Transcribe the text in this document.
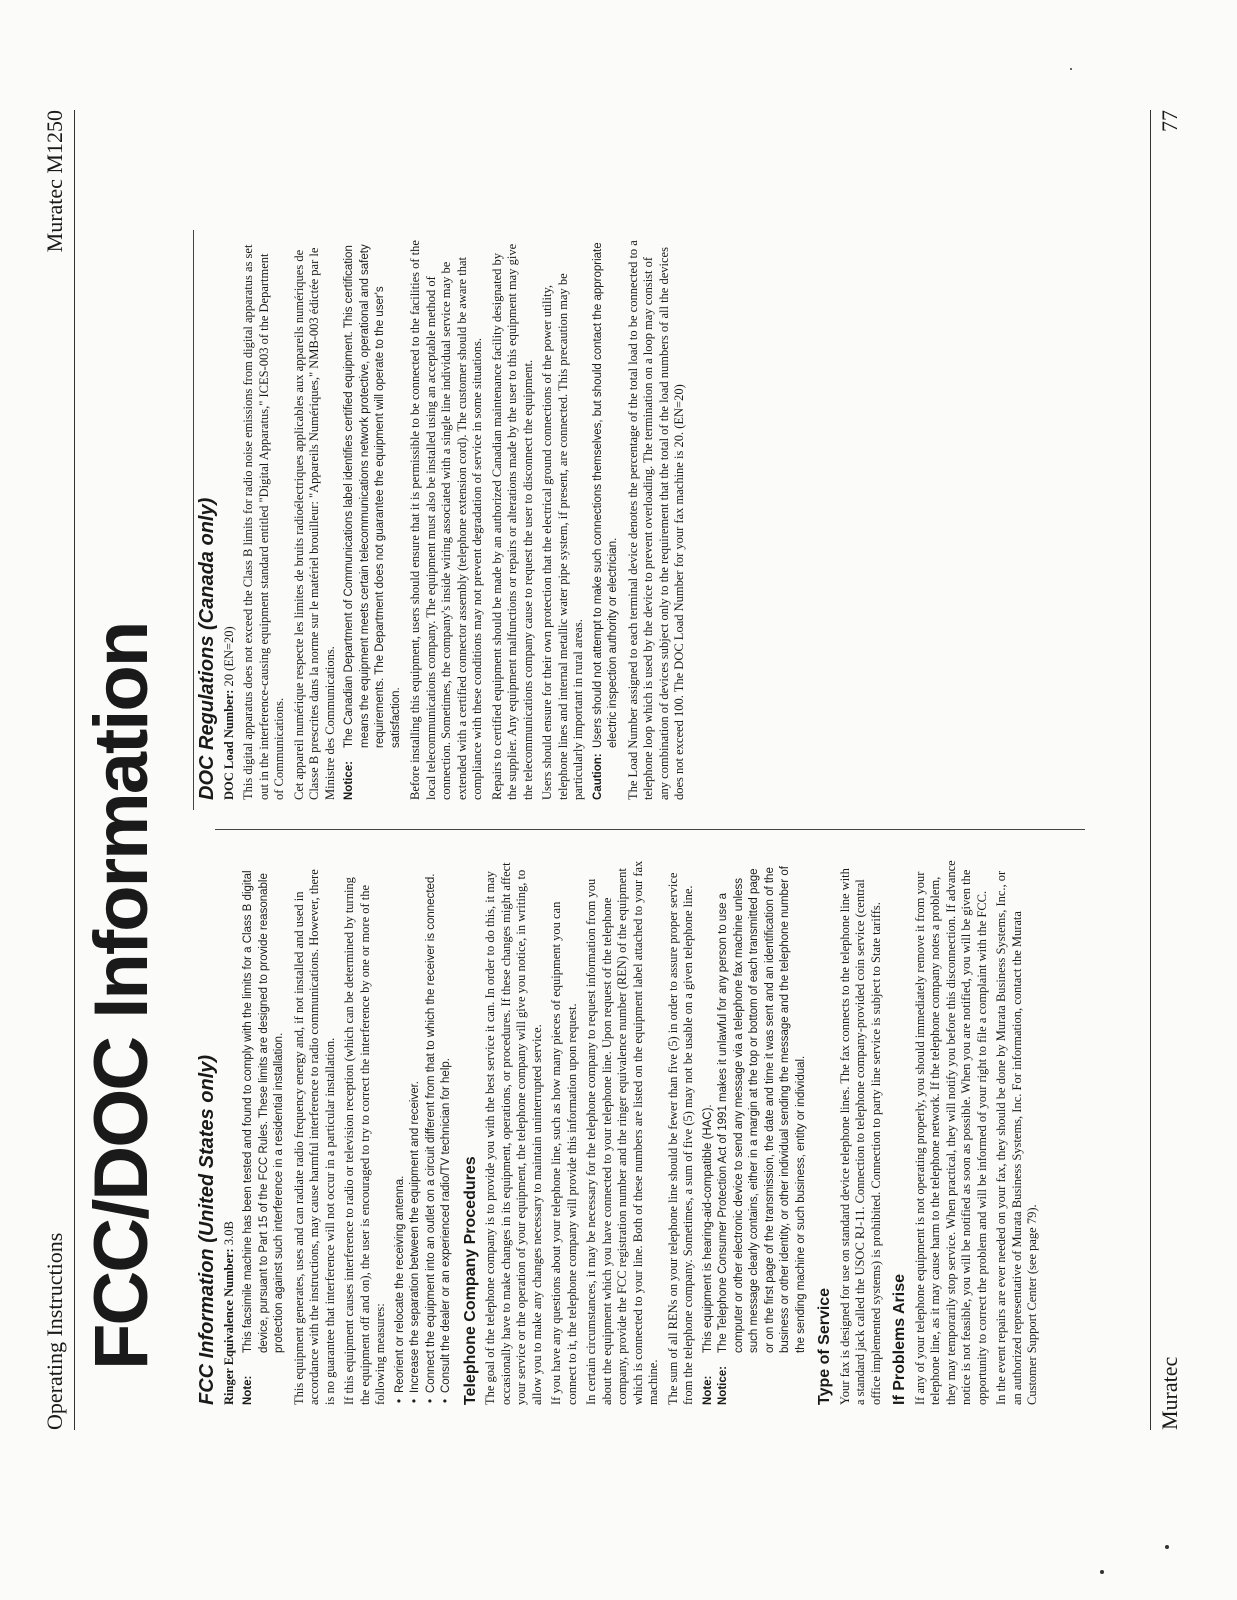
Operating Instructions
Muratec M1250
FCC/DOC Information FCC Information (United States only) Ringer Equivalence Number: 3.0B

Note:
This facsimile machine has been tested and found to comply with the limits for a Class B digital device, pursuant to Part 15 of the FCC Rules. These limits are designed to provide reasonable protection against such interference in a residential installation. This equipment generates, uses and can radiate radio frequency energy and, if not installed and used in accordance with the instructions, may cause harmful interference to radio communications. However, there is no guarantee that interference will not occur in a particular installation. If this equipment causes interference to radio or television reception (which can be determined by turning the equipment off and on), the user is encouraged to try to correct the interference by one or more of the following measures: • Reorient or relocate the receiving antenna. • Increase the separation between the equipment and receiver. • Connect the equipment into an outlet on a circuit different from that to which the receiver is connected. • Consult the dealer or an experienced radio/TV technician for help. Telephone Company Procedures The goal of the telephone company is to provide you with the best service it can. In order to do this, it may occasionally have to make changes in its equipment, operations, or procedures. If these changes might affect your service or the operation of your equipment, the telephone company will give you notice, in writing, to allow you to make any changes necessary to maintain uninterrupted service. If you have any questions about your telephone line, such as how many pieces of equipment you can connect to it, the telephone company will provide this information upon request. In certain circumstances, it may be necessary for the telephone company to request information from you about the equipment which you have connected to your telephone line. Upon request of the telephone company, provide the FCC registration number and the ringer equivalence number (REN) of the equipment which is connected to your line. Both of these numbers are listed on the equipment label attached to your fax machine. The sum of all RENs on your telephone line should be fewer than five (5) in order to assure proper service from the telephone company. Sometimes, a sum of five (5) may not be usable on a given telephone line. Note:
This equipment is hearing-aid-compatible (HAC).
Notice:
The Telephone Consumer Protection Act of 1991 makes it unlawful for any person to use a computer or other electronic device to send any message via a telephone fax machine unless such message clearly contains, either in a margin at the top or bottom of each transmitted page or on the first page of the transmission, the date and time it was sent and an identification of the business or other identity, or other individual sending the message and the telephone number of the sending machine or such business, entity or individual. Type of Service Your fax is designed for use on standard device telephone lines. The fax connects to the telephone line with a standard jack called the USOC RJ-11. Connection to telephone company-provided coin service (central office implemented systems) is prohibited. Connection to party line service is subject to State tariffs. If Problems Arise If any of your telephone equipment is not operating properly, you should immediately remove it from your telephone line, as it may cause harm to the telephone network. If the telephone company notes a problem, they may temporarily stop service. When practical, they will notify you before this disconnection. If advance notice is not feasible, you will be notified as soon as possible. When you are notified, you will be given the opportunity to correct the problem and will be informed of your right to file a complaint with the FCC. In the event repairs are ever needed on your fax, they should be done by Murata Business Systems, Inc., or an authorized representative of Murata Business Systems, Inc. For information, contact the Murata Customer Support Center (see page 79).

DOC Regulations (Canada only) DOC Load Number: 20 (EN=20) This digital apparatus does not exceed the Class B limits for radio noise emissions from digital apparatus as set out in the interference-causing equipment standard entitled "Digital Apparatus," ICES-003 of the Department of Communications. Cet appareil numérique respecte les limites de bruits radioélectriques applicables aux appareils numériques de Classe B prescrites dans la norme sur le matériel brouilleur: "Appareils Numériques," NMB-003 édictée par le Ministre des Communications. Notice:
The Canadian Department of Communications label identifies certified equipment. This certification means the equipment meets certain telecommunications network protective, operational and safety requirements. The Department does not guarantee the equipment will operate to the user's satisfaction. Before installing this equipment, users should ensure that it is permissible to be connected to the facilities of the local telecommunications company. The equipment must also be installed using an acceptable method of connection. Sometimes, the company's inside wiring associated with a single line individual service may be extended with a certified connector assembly (telephone extension cord). The customer should be aware that compliance with these conditions may not prevent degradation of service in some situations. Repairs to certified equipment should be made by an authorized Canadian maintenance facility designated by the supplier. Any equipment malfunctions or repairs or alterations made by the user to this equipment may give the telecommunications company cause to request the user to disconnect the equipment. Users should ensure for their own protection that the electrical ground connections of the power utility, telephone lines and internal metallic water pipe system, if present, are connected. This precaution may be particularly important in rural areas. Caution:
Users should not attempt to make such connections themselves, but should contact the appropriate electric inspection authority or electrician. The Load Number assigned to each terminal device denotes the percentage of the total load to be connected to a telephone loop which is used by the device to prevent overloading. The termination on a loop may consist of any combination of devices subject only to the requirement that the total of the load numbers of all the devices does not exceed 100. The DOC Load Number for your fax machine is 20. (EN=20)

Muratec
77
